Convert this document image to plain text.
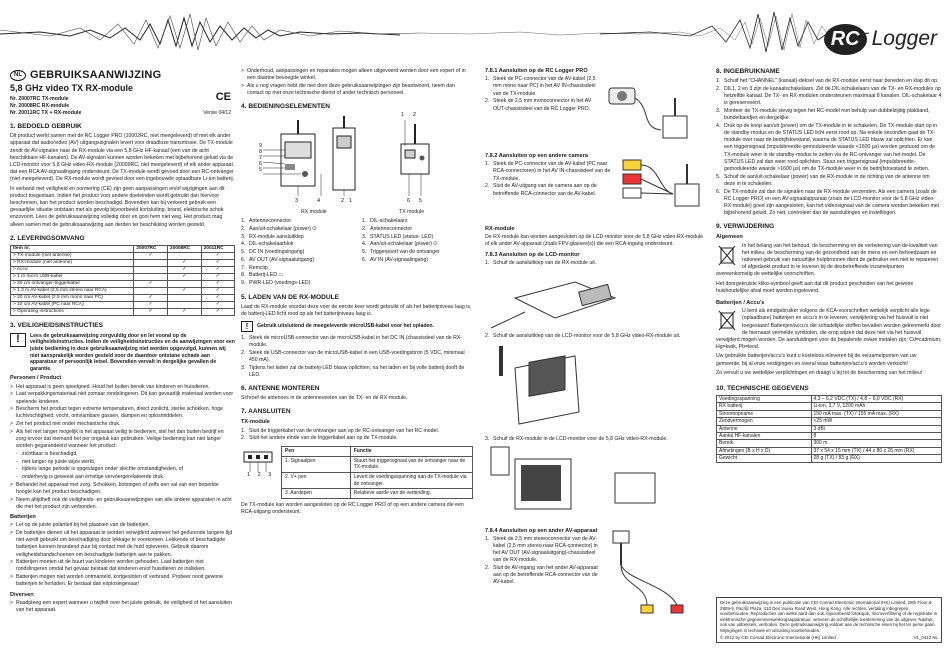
RC Logger
NL GEBRUIKSAANWIJZING
5,8 GHz video TX RX-module
CE
Versie 04/12
Nr. 20007RC TX-module
Nr. 20008RC RX-module
Nr. 20011RC TX + RX-module
1. BEDOELD GEBRUIK

Dit product werkt samen met de RC Logger PRO (10002RC, niet meegeleverd) of met elk ander apparaat dat audio/video (AV) uitgangssignalen levert voor draadloze transmissie. De TX-module zendt de AV-signalen naar de RX-module via een 5,8 GHz HF-kanaal (een van de acht beschikbare HF-kanalen). De AV-signalen kunnen worden bekeken met bijbehorend geluid via de LCD-monitor voor 5,8 GHz video-RX-module (20009RC, niet meegeleverd) of elk ander apparaat dat een RCA AV-signaalingang ondersteunt. De TX-module wordt gevoed door een RC-ontvanger (niet meegeleverd). De RX-module wordt gevoed door een ingebouwde oplaadbare Li-ion batterij.

In verband met veiligheid en normering (CE) zijn geen aanpassingen en/of wijzigingen aan dit product toegestaan. Indien het product voor andere doeleinden wordt gebruikt dan hiervoor beschreven, kan het product worden beschadigd. Bovendien kan bij verkeerd gebruik een gevaarlijke situatie ontstaan met als gevolg bijvoorbeeld kortsluiting, brand, elektrische schok enzovoort. Lees de gebruiksaanwijzing volledig door en gooi hem niet weg. Het product mag alleen samen met de gebruiksaanwijzing aan derden ter beschikking worden gesteld.

2. LEVERINGSOMVANG
Item nr.	20007RC	20008RC	20011RC
> TX-module (niet antenne)	✓		✓
> RX-module (niet antenne)		✓	✓
> Accu		✓	✓
> 1 m micro USB-kabel		✓	✓
> 20 cm ontvanger-triggerkabel	✓		✓
> 1,3 m AV-kabel (2,5 mm stereo naar RCA)		✓	✓
> 20 cm AV-kabel (2,5 mm mono naar PC)	✓		✓
> 10 cm AV-kabel (PC naar RCA)	✓		✓
> Operating instructions	✓	✓	✓
3. VEILIGHEIDSINSTRUCTIES
!	Lees de gebruiksaanwijzing zorgvuldig door en let vooral op de veiligheidsinstructies. Indien de veiligheidsinstructies en de aanwijzingen voor een juiste bediening in deze gebruiksaanwijzing niet worden opgevolgd, kunnen wij niet aansprakelijk worden gesteld voor de daardoor ontstane schade aan apparatuur of persoonlijk letsel. Bovendien vervalt in dergelijke gevallen de garantie.
Personen / Product
> Het apparaat is geen speelgoed. Houd het buiten bereik van kinderen en huisdieren.
> Laat verpakkingsmateriaal niet zomaar rondslingeren. Dit kan gevaarlijk materiaal worden voor spelende kinderen.
> Bescherm het product tegen extreme temperaturen, direct zonlicht, sterke schokken, hoge luchtvochtigheid, vocht, ontvlambare gassen, dampen en oplosmiddelen.
> Zet het product niet onder mechanische druk.
> Als het niet langer mogelijk is het apparaat veilig te bedienen, stel het dan buiten bedrijf en zorg ervoor dat niemand het per ongeluk kan gebruiken. Veilige bediening kan niet langer worden gegarandeerd wanneer het product:
- zichtbaar is beschadigd,
- niet langer op juiste wijze werkt,
- tijdens lange periode is opgeslagen onder slechte omstandigheden, of
- onderhevig is geweest aan ernstige vervoergerelateerde druk.
> Behandel het apparaat met zorg. Schokken, botsingen of zelfs een val van een beperkte hoogte kan het product beschadigen.
> Neem altijdheft ook de veiligheids- en gebruiksaanwijzingen van alle andere apparaten in acht die met het product zijn verbonden.
Batterijen
> Let op de juiste polariteit bij het plaatsen van de batterijen.
> De batterijen dienen uit het apparaat te worden verwijderd wanneer het gedurende langere tijd niet wordt gebruikt om beschadiging door lekkage te voorkomen. Lekkende of beschadigde batterijen kunnen brandend zuur bij contact met de huid opleveren. Gebruik daarom veiligheidshandschoenen om beschadigde batterijen aan te pakken.
> Batterijen moeten uit de buurt van kinderen worden gehouden. Laat batterijen niet rondslingeren omdat het gevaar bestaat dat kinderen en/of huisdieren ze inslikken.
> Batterijen mogen niet worden ontmanteld, kortgesloten of verbrand. Probeer nooit gewone batterijen te herladen. Er bestaat dan explosiegevaar!
Diversen
> Raadpleeg een expert wanneer u twijfelt over het juiste gebruik, de veiligheid of het aansluiten van het apparaat.
> Onderhoud, aanpassingen en reparaties mogen alleen uitgevoerd worden door een expert of in een daartoe bevoegde winkel.
> Als u nog vragen hebt die niet door deze gebruiksaanwijzingen zijn beantwoord, neem dan contact op met onze technische dienst of ander technisch personeel.
4. BEDIENINGSELEMENTEN
9
8
7
6
5
4
3	2 1
1 2
6 5
RX module	TX module
1. Antenneconnector
2. Aan/uit-schakelaar (power) ⏻
3. RX-module aansluitklep
4. DIL-schakelaarblok
5. DC IN (voedingsingang)
6. AV OUT (AV-signaaluitgang)
7. Remclip
8. Batterij-LED ▭
9. PWR-LED (voedings-LED)
1. DIL-schakelaars
2. Antenneconnector
3. STATUS LED (status- LED)
4. Aan/uit-schakelaar (power) ⏻
5. Triggerpoort van de ontvanger
6. AV IN (AV-signaalingang)
5. LADEN VAN DE RX-MODULE

Laad de RX-module voordat deze voor de eerste keer wordt gebruikt of als het batterijniveau laag is, de batterij-LED licht rood op als het batterijniveau laag is.

!	Gebruik uitsluitend de meegeleverde microUSB-kabel voor het opladen.
1. Steek de microUSB-connector van de microUSB-kabel in het DC IN (chassisdeel van de RX-module.
2. Steek de USB-connector van de microUSB-kabel in een USB-voedingsbron (5 VDC, minimaal 450 mA).
3. Tijdens het laden zal de batterij-LED blauw oplichten; na het laden en bij volle batterij dooft de LED.
6. ANTENNE MONTEREN

Schroef de antennes in de antenneveeten van de TX- en de RX-module.

7. AANSLUITEN
TX-module
1. Sluit de triggerkabel van de ontvanger aan op de RC-ontvanger van het RC model.
2. Sluit het andere einde van de triggerkabel aan op de TX-module.
1 2 3
Pen	Functie
1. Signaalpen	Stuurt het triggersignaal van de ontvanger naar de TX-module.
2. V+ pen	Levert de voedingsspanning aan de TX-module via de ontvanger.
3. Aardepen	Relatieve aarde van de verbinding.

De TX-module kan worden aangesloten op de RC Logger PRO of op een andere camera die een RCA-uitgang ondersteunt.

7.8.1 Aansluiten op de RC Logger PRO
1. Steek de PC-connector van de AV-kabel (2,5 mm mono naar PC) in het AV IN-chassisdeel van de TX-module.
2. Steek de 2,5 mm monoconnector in het AV OUT-chassisdeel van de RC Logger PRO.
7.8.2 Aansluiten op een andere camera
1. Steek de PC-connector van de AV-kabel (PC naar RCA-connectoren) in het AV IN-chassisdeel van de TX-module.
2. Sluit de AV-uitgang van de camera aan op de betreffende RCA-connector van de AV-kabel.
RX-module

De RX-module kan worden aangesloten op de LCD-monitor voor de 5,8 GHz video-RX-module of elk ander AV-apparaat (zoals FPV-glasses(s)) die een RCA-ingang ondersteunt.

7.8.3 Aansluiten op de LCD-monitor
1. Schuif de aansluitklep van de RX-module uit.
2. Schuif de aansluitklep van de LCD-monitor voor de 5,8 GHz video-RX-module uit.
3. Schuif de RX-module in de LCD-monitor voor de 5,8 GHz video-RX-module.
7.8.4 Aansluiten op een ander AV-apparaat
1. Steek de 2,5 mm stereoconnector van de AV-kabel (2,5 mm stereo naar RCA-connector) in het AV OUT (AV-signaaluitgang)-chassisdeel van de RX-module.
2. Sluit de AV-ingang van het ander AV-apparaat aan op de betreffende RCA-connector van de AV-kabel.
8. INGEBRUIKNAME
1. Schuif het "CHANNEL" (kanaal)-deksel van de RX-module eerst naar beneden en klap dit op.
2. DIL1, 2 en 3 zijn de kanaalschakelaars. Zet de DIL-schakelaars van de TX- en RX-modules op hetzelfde kanaal. De TX- en RX-modulen ondersteunen maximaal 8 kanalen. DIL-schakelaar 4 is gereserveerd.
3. Monteer de TX-module stevig tegen het RC-model met behulp van dubbelzijdig plakband, bundelbandjes en dergelijke.
4. Druk op de knop aan/uit (power) om de TX-module in te schakelen. De TX-module start op in de standby-modus en de STATUS LED licht eerst rood op. Na enkele seconden gaat de TX-module over naar de bedrijfstoestand, waarna de STATUS LED blauw zal oplichten. Er kan een triggersignaal (impulsbreedte-gemoduleerde waarde <1600 μs) worden gestuurd om de TX-module weer in de standby-modus te zetten via de RC-ontvanger van het model. De STATUS LED zal dan weer rood oplichten. Stuur een triggersignaal (impulsbreedte-gemoduleerde waarde >1600 μs) om de TX-module weer in de bedrijfstoestand te zetten.
5. Schuif de aan/uit-schakelaar (power) van de RX-module in de richting van de antenne om deze in te schakelen.
6. De TX-module zal dan de signalen naar de RX-module verzenden. Als een camera (zoals de RC Logger PRO) en een AV-signaalapparaat (zoals de LCD-monitor voor de 5,8 GHz video-RX-module) goed zijn aangesloten, kan het videosignaal van de camera worden bekeken met bijbehorend geluid. Zo niet, controleer dan de aansluitingen en instellingen.
9. VERWIJDERING
Algemeen

In het belang van het behoud, de bescherming en de verbetering van de kwaliteit van het milieu, de bescherming van de gezondheid van de mens en een behoedzaam en rationeel gebruik van natuurlijke hulpbronnen dient de gebruiker een niet te repareren of afgedankt product in te leveren bij de desbetreffende inzamelpunten overeenkomstig de wettelijke voorschriften.

Het doorgekruiste kliko-symbool geeft aan dat dit product gescheiden van het gewone huishoudelijke afval moet worden ingeleverd.

Batterijen / Accu's

U bent als eindgebruiker volgens de KCA-voorschriften wettelijk verplicht alle lege (oplaadbare) batterijen en accu's in te leveren; verwijdering via het huisvuil is niet toegestaan! Batterijen/accu's die schadelijke stoffen bevatten worden gekenmerkt door de hiernaast vermelde symbolen, die erop wijzen dat deze niet via het huisvuil verwijderd mogen worden. De aanduidingen voor de bepalende zware metalen zijn: Cd=cadmium, Hg=kwik, Pb=lood.

Uw gebruikte batterijen/accu's kunt u kosteloos inleveren bij de verzamelpunten van uw gemeente, bij al onze vestigingen en overal waar batterijen/accu's worden verkocht!

Zo vervult u uw wettelijke verplichtingen en draagt u bij tot de bescherming van het milieu!

10. TECHNISCHE GEGEVENS
Voedingsspanning	4,3 – 6,2 VDC (TX) / 4,8 – 6,0 VDC (RX)
RX batterij	Li-ion, 3,7 V, 1200 mAh
Stroomopname	150 mA max. (TX) / 155 mA max. (RX)
Zendvermogen	<25 mW
Antenne	3 dBi
Aantal HF-kanalen	8
Bereik	300 m
Afmetingen (B x H x D)	37 x 54 x 15 mm (TX) / 44 x 80 x 26 mm (RX)
Gewicht	28 g (TX) / 83 g (RX)
Deze gebruiksaanwijzing is een publicatie van CEI Conrad Electronic International (HK) Limited, 28th Floor & 2909-9, Pacific Plaza, 410 Des Voeux Road West, Hong Kong. Alle rechten, vertaling inbegrepen, voorbehouden. Reproducties van welke aard dan ook, bijvoorbeeld fotokopie, microverfilming of de registratie in elektronische gegevensverwerkingsapparatuur, vereisen de schriftelijke toestemming van de uitgever. Nadruk, ook van uittreksels, verboden. Deze gebruiksaanwijzing voldoet aan de technische eisen bij het ter perse gaan. Wijzigingen in techniek en uitrusting voorbehouden.
© 2012 by CEI Conrad Electronic International (HK) Limited	V1_0412 NL
